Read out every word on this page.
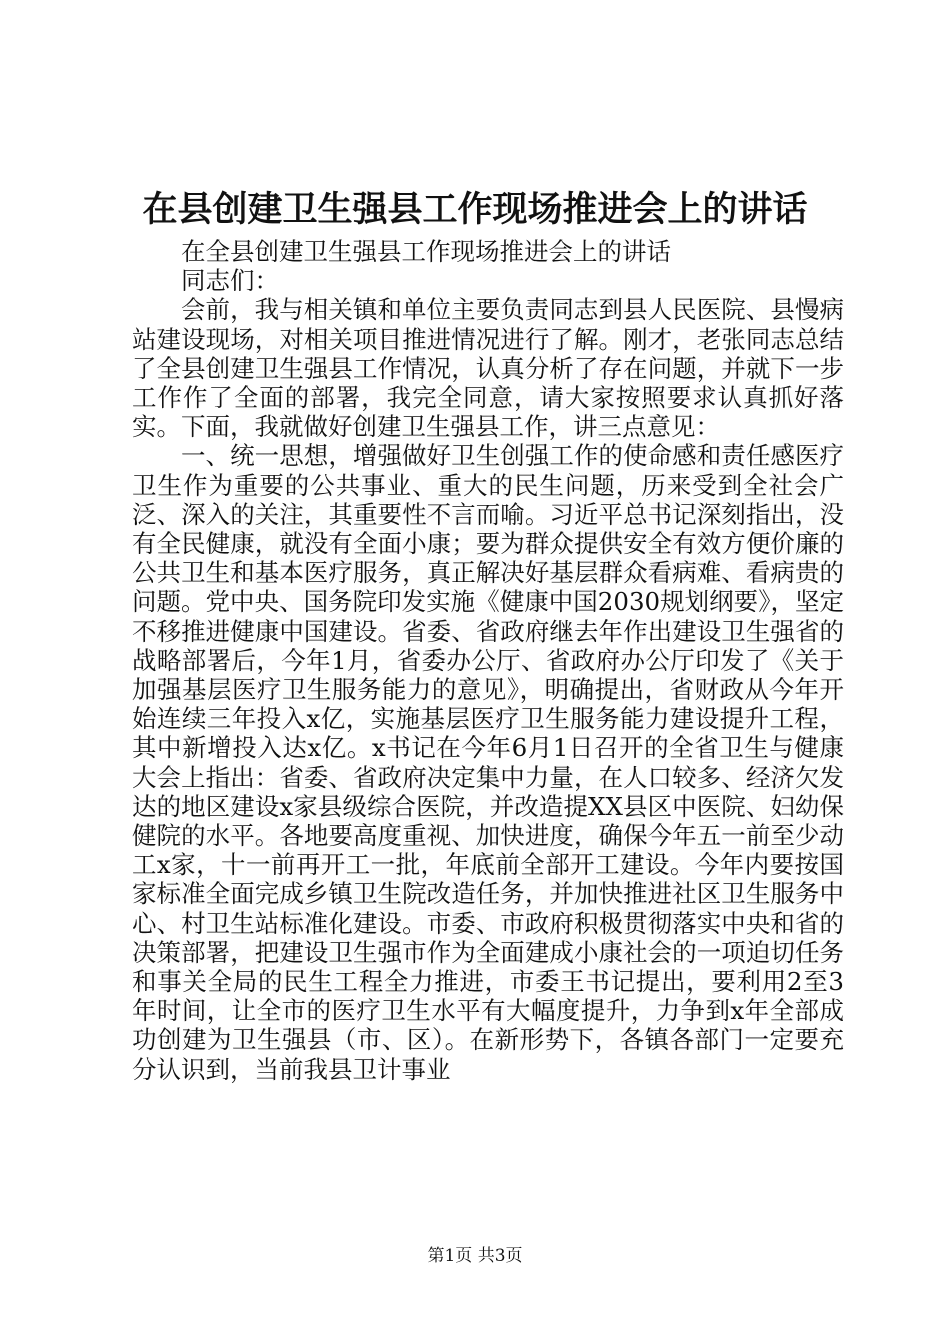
在县创建卫生强县工作现场推进会上的讲话

在全县创建卫生强县工作现场推进会上的讲话

同志们：

会前，我与相关镇和单位主要负责同志到县人民医院、县慢病站建设现场，对相关项目推进情况进行了解。刚才，老张同志总结了全县创建卫生强县工作情况，认真分析了存在问题，并就下一步工作作了全面的部署，我完全同意，请大家按照要求认真抓好落实。下面，我就做好创建卫生强县工作，讲三点意见：

一、统一思想，增强做好卫生创强工作的使命感和责任感医疗卫生作为重要的公共事业、重大的民生问题，历来受到全社会广泛、深入的关注，其重要性不言而喻。习近平总书记深刻指出，没有全民健康，就没有全面小康；要为群众提供安全有效方便价廉的公共卫生和基本医疗服务，真正解决好基层群众看病难、看病贵的问题。党中央、国务院印发实施《健康中国2030规划纲要》，坚定不移推进健康中国建设。省委、省政府继去年作出建设卫生强省的战略部署后，今年1月，省委办公厅、省政府办公厅印发了《关于加强基层医疗卫生服务能力的意见》，明确提出，省财政从今年开始连续三年投入x亿，实施基层医疗卫生服务能力建设提升工程，其中新增投入达x亿。x书记在今年6月1日召开的全省卫生与健康大会上指出：省委、省政府决定集中力量，在人口较多、经济欠发达的地区建设x家县级综合医院，并改造提XX县区中医院、妇幼保健院的水平。各地要高度重视、加快进度，确保今年五一前至少动工x家，十一前再开工一批，年底前全部开工建设。今年内要按国家标准全面完成乡镇卫生院改造任务，并加快推进社区卫生服务中心、村卫生站标准化建设。市委、市政府积极贯彻落实中央和省的决策部署，把建设卫生强市作为全面建成小康社会的一项迫切任务和事关全局的民生工程全力推进，市委王书记提出，要利用2至3年时间，让全市的医疗卫生水平有大幅度提升，力争到x年全部成功创建为卫生强县（市、区）。在新形势下，各镇各部门一定要充分认识到，当前我县卫计事业

第1页 共3页
